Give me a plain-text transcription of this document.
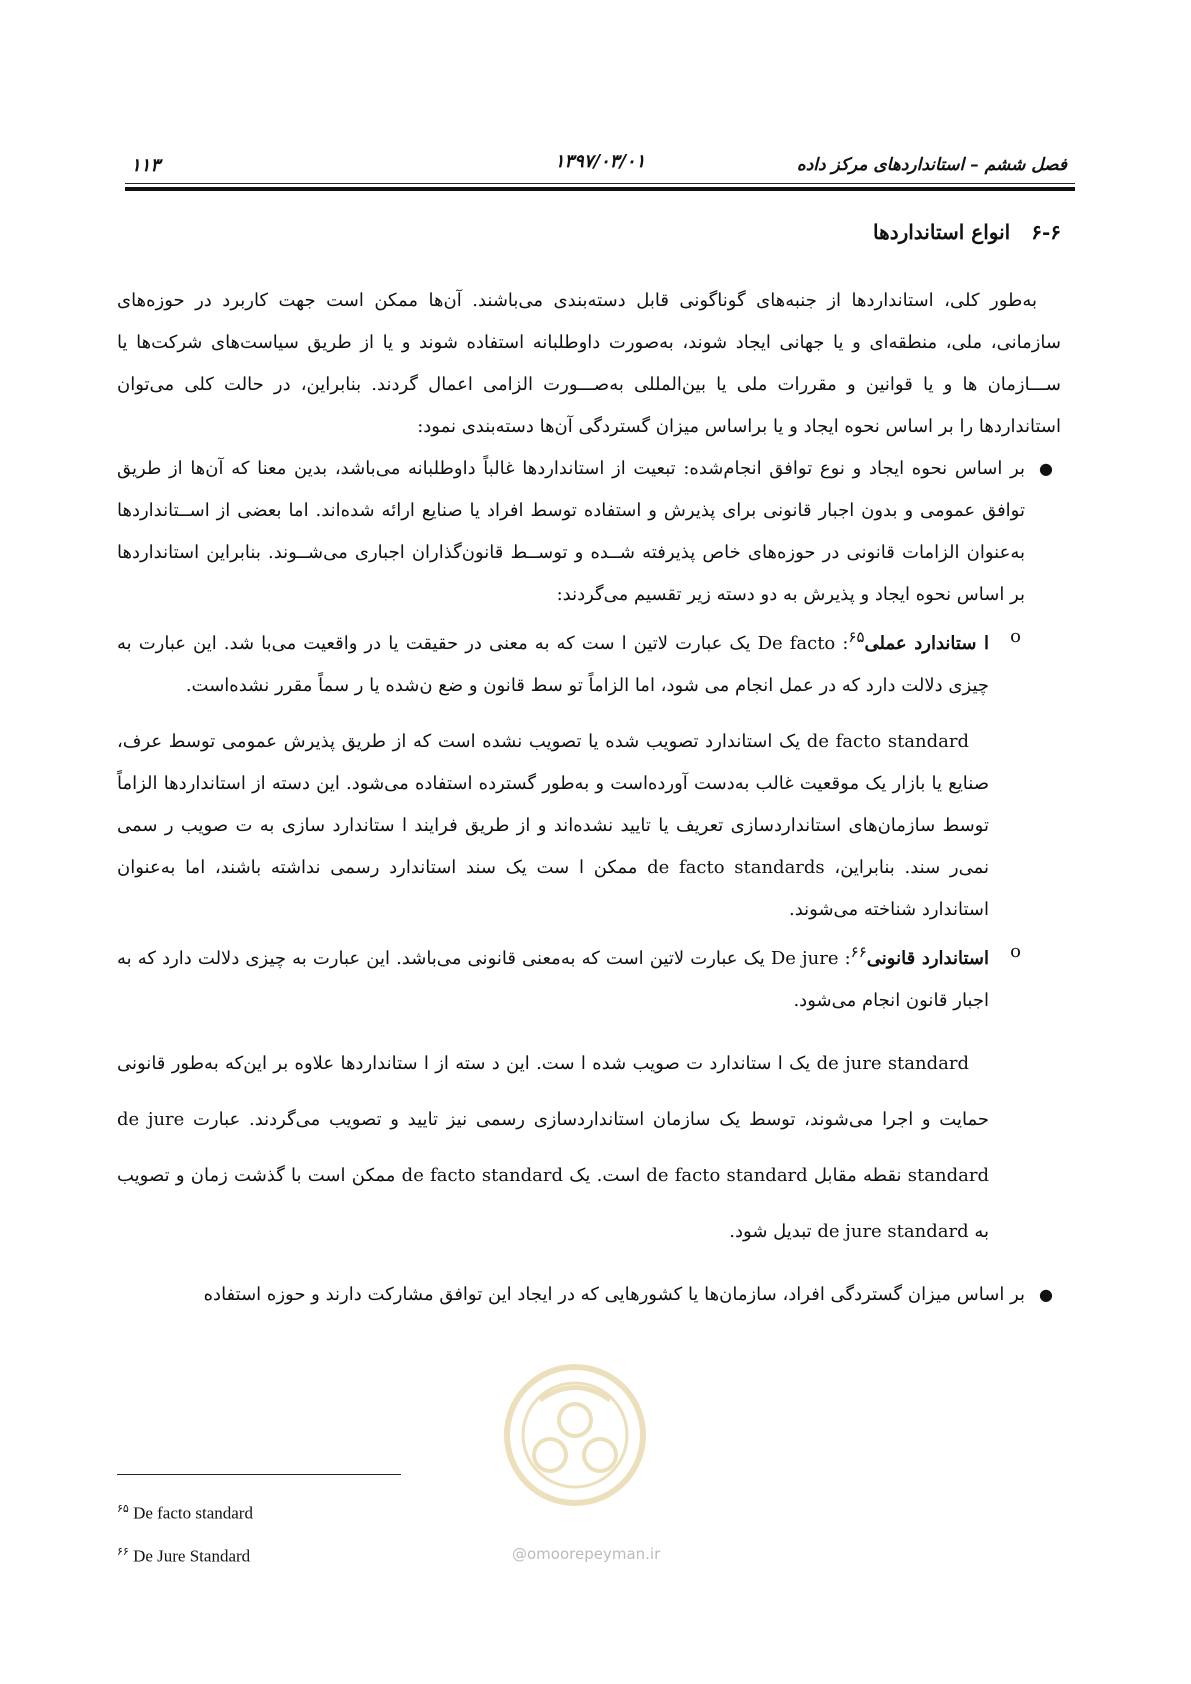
۱۱۳	۱۳۹۷/۰۳/۰۱	فصل ششم – استانداردهای مرکز داده
۶-۶ انواع استانداردها

به‌طور کلی، استانداردها از جنبه‌های گوناگونی قابل دسته‌بندی می‌باشند. آن‌ها ممکن است جهت کاربرد در حوزه‌های سازمانی، ملی، منطقه‌ای و یا جهانی ایجاد شوند، به‌صورت داوطلبانه استفاده شوند و یا از طریق سیاست‌های شرکت‌ها یا ســـازمان ها و یا قوانین و مقررات ملی یا بین‌المللی به‌صـــورت الزامی اعمال گردند. بنابراین، در حالت کلی می‌توان استانداردها را بر اساس نحوه ایجاد و یا براساس میزان گستردگی آن‌ها دسته‌بندی نمود:

●

بر اساس نحوه ایجاد و نوع توافق انجام‌شده: تبعیت از استانداردها غالباً داوطلبانه می‌باشد، بدین معنا که آن‌ها از طریق توافق عمومی و بدون اجبار قانونی برای پذیرش و استفاده توسط افراد یا صنایع ارائه شده‌اند. اما بعضی از اســتانداردها به‌عنوان الزامات قانونی در حوزه‌های خاص پذیرفته شــده و توســط قانون‌گذاران اجباری می‌شــوند. بنابراین استانداردها بر اساس نحوه ایجاد و پذیرش به دو دسته زیر تقسیم می‌گردند:

o

ا ستاندارد عملی$^{۶۵}$: De facto یک عبارت لاتین ا ست که به معنی در حقیقت یا در واقعیت می‌با شد. این عبارت به چیزی دلالت دارد که در عمل انجام می شود، اما الزاماً تو سط قانون و ضع ن‌شده یا ر سماً مقرر نشده‌است.

de facto standard یک استاندارد تصویب شده یا تصویب نشده است که از طریق پذیرش عمومی توسط عرف، صنایع یا بازار یک موقعیت غالب به‌دست آورده‌است و به‌طور گسترده استفاده می‌شود. این دسته از استانداردها الزاماً توسط سازمان‌های استانداردسازی تعریف یا تایید نشده‌اند و از طریق فرایند ا ستاندارد سازی به ت صویب ر سمی نمی‌ر سند. بنابراین، de facto standards ممکن ا ست یک سند استاندارد رسمی نداشته باشند، اما به‌عنوان استاندارد شناخته می‌شوند.

o

استاندارد قانونی$^{۶۶}$: De jure یک عبارت لاتین است که به‌معنی قانونی می‌باشد. این عبارت به چیزی دلالت دارد که به اجبار قانون انجام می‌شود.

de jure standard یک ا ستاندارد ت صویب شده ا ست. این د سته از ا ستانداردها علاوه بر این‌که به‌طور قانونی حمایت و اجرا می‌شوند، توسط یک سازمان استانداردسازی رسمی نیز تایید و تصویب می‌گردند. عبارت de jure standard نقطه مقابل de facto standard است. یک de facto standard ممکن است با گذشت زمان و تصویب به de jure standard تبدیل شود.

●

بر اساس میزان گستردگی افراد، سازمان‌ها یا کشورهایی که در ایجاد این توافق مشارکت دارند و حوزه استفاده

$^{۶۵}$ De facto standard
$^{۶۶}$ De Jure Standard	@omoorepeyman.ir
